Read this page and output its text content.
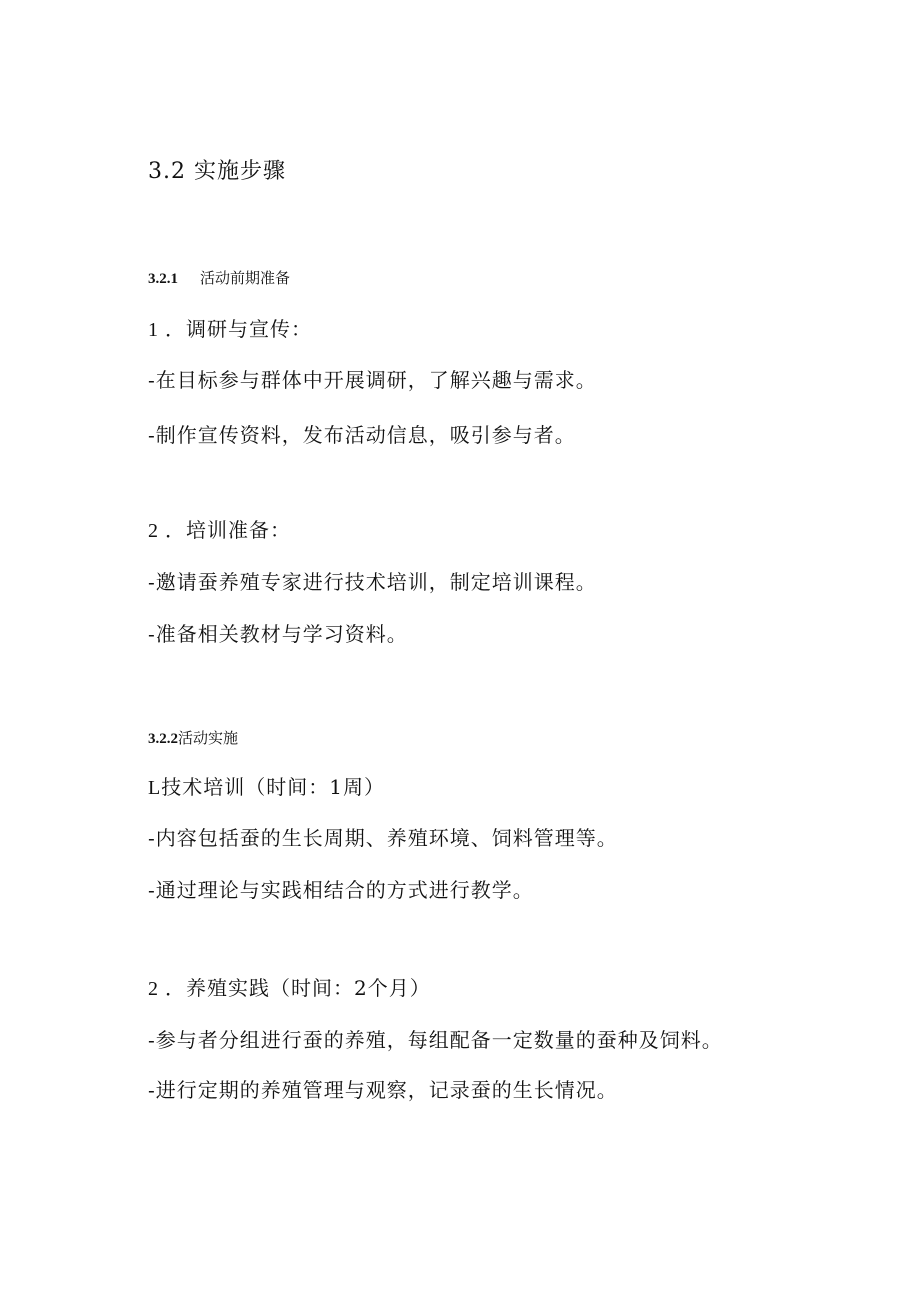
3.2 实施步骤
3.2.1 活动前期准备
1 ．调研与宣传：
-在目标参与群体中开展调研，了解兴趣与需求。
-制作宣传资料，发布活动信息，吸引参与者。
2 ．培训准备：
-邀请蚕养殖专家进行技术培训，制定培训课程。
-准备相关教材与学习资料。
3.2.2活动实施
L技术培训（时间：1周）
-内容包括蚕的生长周期、养殖环境、饲料管理等。
-通过理论与实践相结合的方式进行教学。
2 ．养殖实践（时间：2个月）
-参与者分组进行蚕的养殖，每组配备一定数量的蚕种及饲料。
-进行定期的养殖管理与观察，记录蚕的生长情况。
